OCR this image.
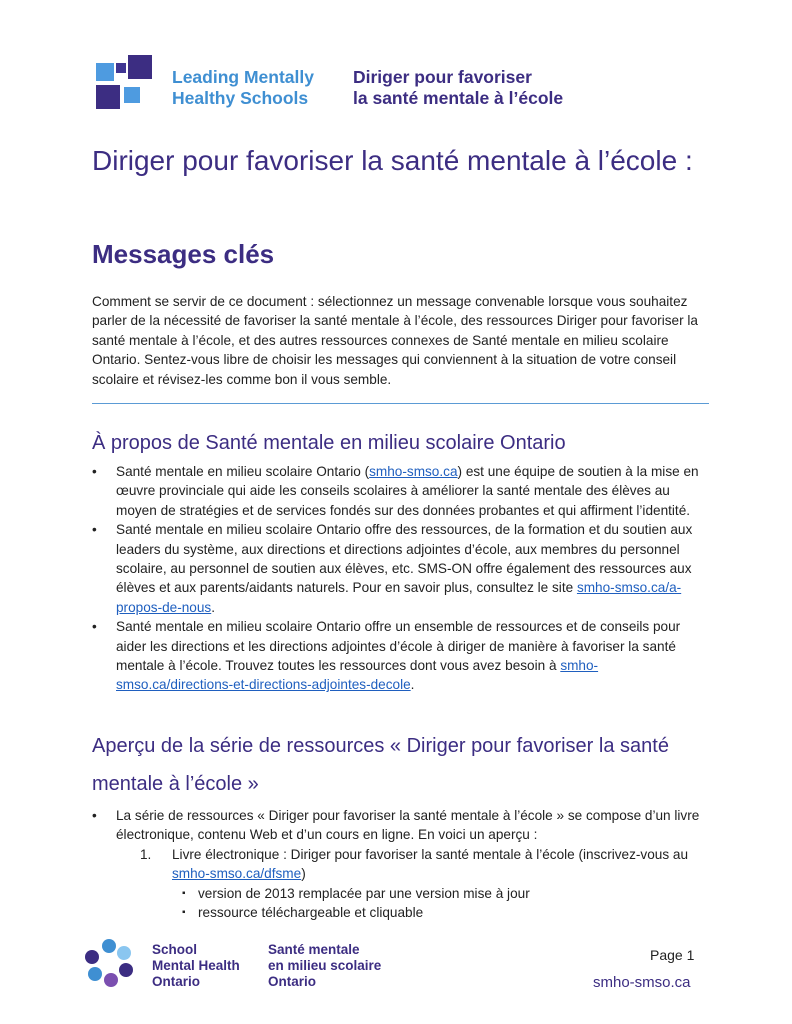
Leading Mentally
Healthy Schools
Diriger pour favoriser
la santé mentale à l’école
Diriger pour favoriser la santé mentale à l’école :
Messages clés
Comment se servir de ce document : sélectionnez un message convenable lorsque vous souhaitez parler de la nécessité de favoriser la santé mentale à l’école, des ressources Diriger pour favoriser la santé mentale à l’école, et des autres ressources connexes de Santé mentale en milieu scolaire Ontario. Sentez-vous libre de choisir les messages qui conviennent à la situation de votre conseil scolaire et révisez-les comme bon il vous semble.
À propos de Santé mentale en milieu scolaire Ontario
• Santé mentale en milieu scolaire Ontario (smho-smso.ca) est une équipe de soutien à la mise en œuvre provinciale qui aide les conseils scolaires à améliorer la santé mentale des élèves au moyen de stratégies et de services fondés sur des données probantes et qui affirment l’identité.
• Santé mentale en milieu scolaire Ontario offre des ressources, de la formation et du soutien aux leaders du système, aux directions et directions adjointes d’école, aux membres du personnel scolaire, au personnel de soutien aux élèves, etc. SMS-ON offre également des ressources aux élèves et aux parents/aidants naturels. Pour en savoir plus, consultez le site smho-smso.ca/a-propos-de-nous.
• Santé mentale en milieu scolaire Ontario offre un ensemble de ressources et de conseils pour aider les directions et les directions adjointes d’école à diriger de manière à favoriser la santé mentale à l’école. Trouvez toutes les ressources dont vous avez besoin à smho-smso.ca/directions-et-directions-adjointes-decole.
Aperçu de la série de ressources « Diriger pour favoriser la santé mentale à l’école »
• La série de ressources « Diriger pour favoriser la santé mentale à l’école » se compose d’un livre électronique, contenu Web et d’un cours en ligne. En voici un aperçu :
1. Livre électronique : Diriger pour favoriser la santé mentale à l’école (inscrivez-vous au smho-smso.ca/dfsme)
▪ version de 2013 remplacée par une version mise à jour
▪ ressource téléchargeable et cliquable
School
Mental Health
Ontario
Santé mentale
en milieu scolaire
Ontario
Page 1
smho-smso.ca
